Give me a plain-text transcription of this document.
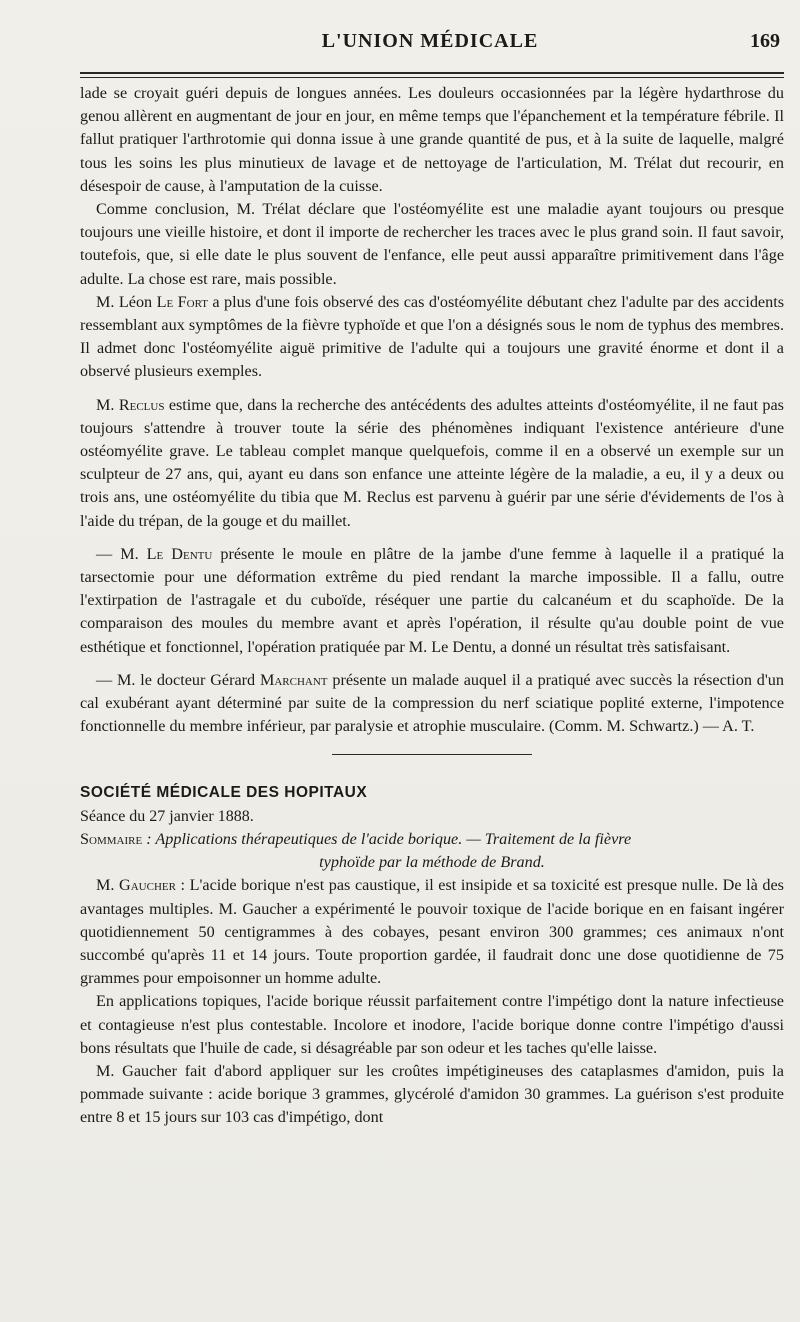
L'UNION MÉDICALE	169

lade se croyait guéri depuis de longues années. Les douleurs occasionnées par la légère hydarthrose du genou allèrent en augmentant de jour en jour, en même temps que l'épanchement et la température fébrile. Il fallut pratiquer l'arthrotomie qui donna issue à une grande quantité de pus, et à la suite de laquelle, malgré tous les soins les plus minutieux de lavage et de nettoyage de l'articulation, M. Trélat dut recourir, en désespoir de cause, à l'amputation de la cuisse.

Comme conclusion, M. Trélat déclare que l'ostéomyélite est une maladie ayant toujours ou presque toujours une vieille histoire, et dont il importe de rechercher les traces avec le plus grand soin. Il faut savoir, toutefois, que, si elle date le plus souvent de l'enfance, elle peut aussi apparaître primitivement dans l'âge adulte. La chose est rare, mais possible.

M. Léon Le Fort a plus d'une fois observé des cas d'ostéomyélite débutant chez l'adulte par des accidents ressemblant aux symptômes de la fièvre typhoïde et que l'on a désignés sous le nom de typhus des membres. Il admet donc l'ostéomyélite aiguë primitive de l'adulte qui a toujours une gravité énorme et dont il a observé plusieurs exemples.

M. Reclus estime que, dans la recherche des antécédents des adultes atteints d'ostéomyélite, il ne faut pas toujours s'attendre à trouver toute la série des phénomènes indiquant l'existence antérieure d'une ostéomyélite grave. Le tableau complet manque quelquefois, comme il en a observé un exemple sur un sculpteur de 27 ans, qui, ayant eu dans son enfance une atteinte légère de la maladie, a eu, il y a deux ou trois ans, une ostéomyélite du tibia que M. Reclus est parvenu à guérir par une série d'évidements de l'os à l'aide du trépan, de la gouge et du maillet.

— M. Le Dentu présente le moule en plâtre de la jambe d'une femme à laquelle il a pratiqué la tarsectomie pour une déformation extrême du pied rendant la marche impossible. Il a fallu, outre l'extirpation de l'astragale et du cuboïde, réséquer une partie du calcanéum et du scaphoïde. De la comparaison des moules du membre avant et après l'opération, il résulte qu'au double point de vue esthétique et fonctionnel, l'opération pratiquée par M. Le Dentu, a donné un résultat très satisfaisant.

— M. le docteur Gérard Marchant présente un malade auquel il a pratiqué avec succès la résection d'un cal exubérant ayant déterminé par suite de la compression du nerf sciatique poplité externe, l'impotence fonctionnelle du membre inférieur, par paralysie et atrophie musculaire. (Comm. M. Schwartz.) — A. T.

SOCIÉTÉ MÉDICALE DES HOPITAUX

Séance du 27 janvier 1888.

Sommaire : Applications thérapeutiques de l'acide borique. — Traitement de la fièvre
typhoïde par la méthode de Brand.

M. Gaucher : L'acide borique n'est pas caustique, il est insipide et sa toxicité est presque nulle. De là des avantages multiples. M. Gaucher a expérimenté le pouvoir toxique de l'acide borique en en faisant ingérer quotidiennement 50 centigrammes à des cobayes, pesant environ 300 grammes; ces animaux n'ont succombé qu'après 11 et 14 jours. Toute proportion gardée, il faudrait donc une dose quotidienne de 75 grammes pour empoisonner un homme adulte.

En applications topiques, l'acide borique réussit parfaitement contre l'impétigo dont la nature infectieuse et contagieuse n'est plus contestable. Incolore et inodore, l'acide borique donne contre l'impétigo d'aussi bons résultats que l'huile de cade, si désagréable par son odeur et les taches qu'elle laisse.

M. Gaucher fait d'abord appliquer sur les croûtes impétigineuses des cataplasmes d'amidon, puis la pommade suivante : acide borique 3 grammes, glycérolé d'amidon 30 grammes. La guérison s'est produite entre 8 et 15 jours sur 103 cas d'impétigo, dont
